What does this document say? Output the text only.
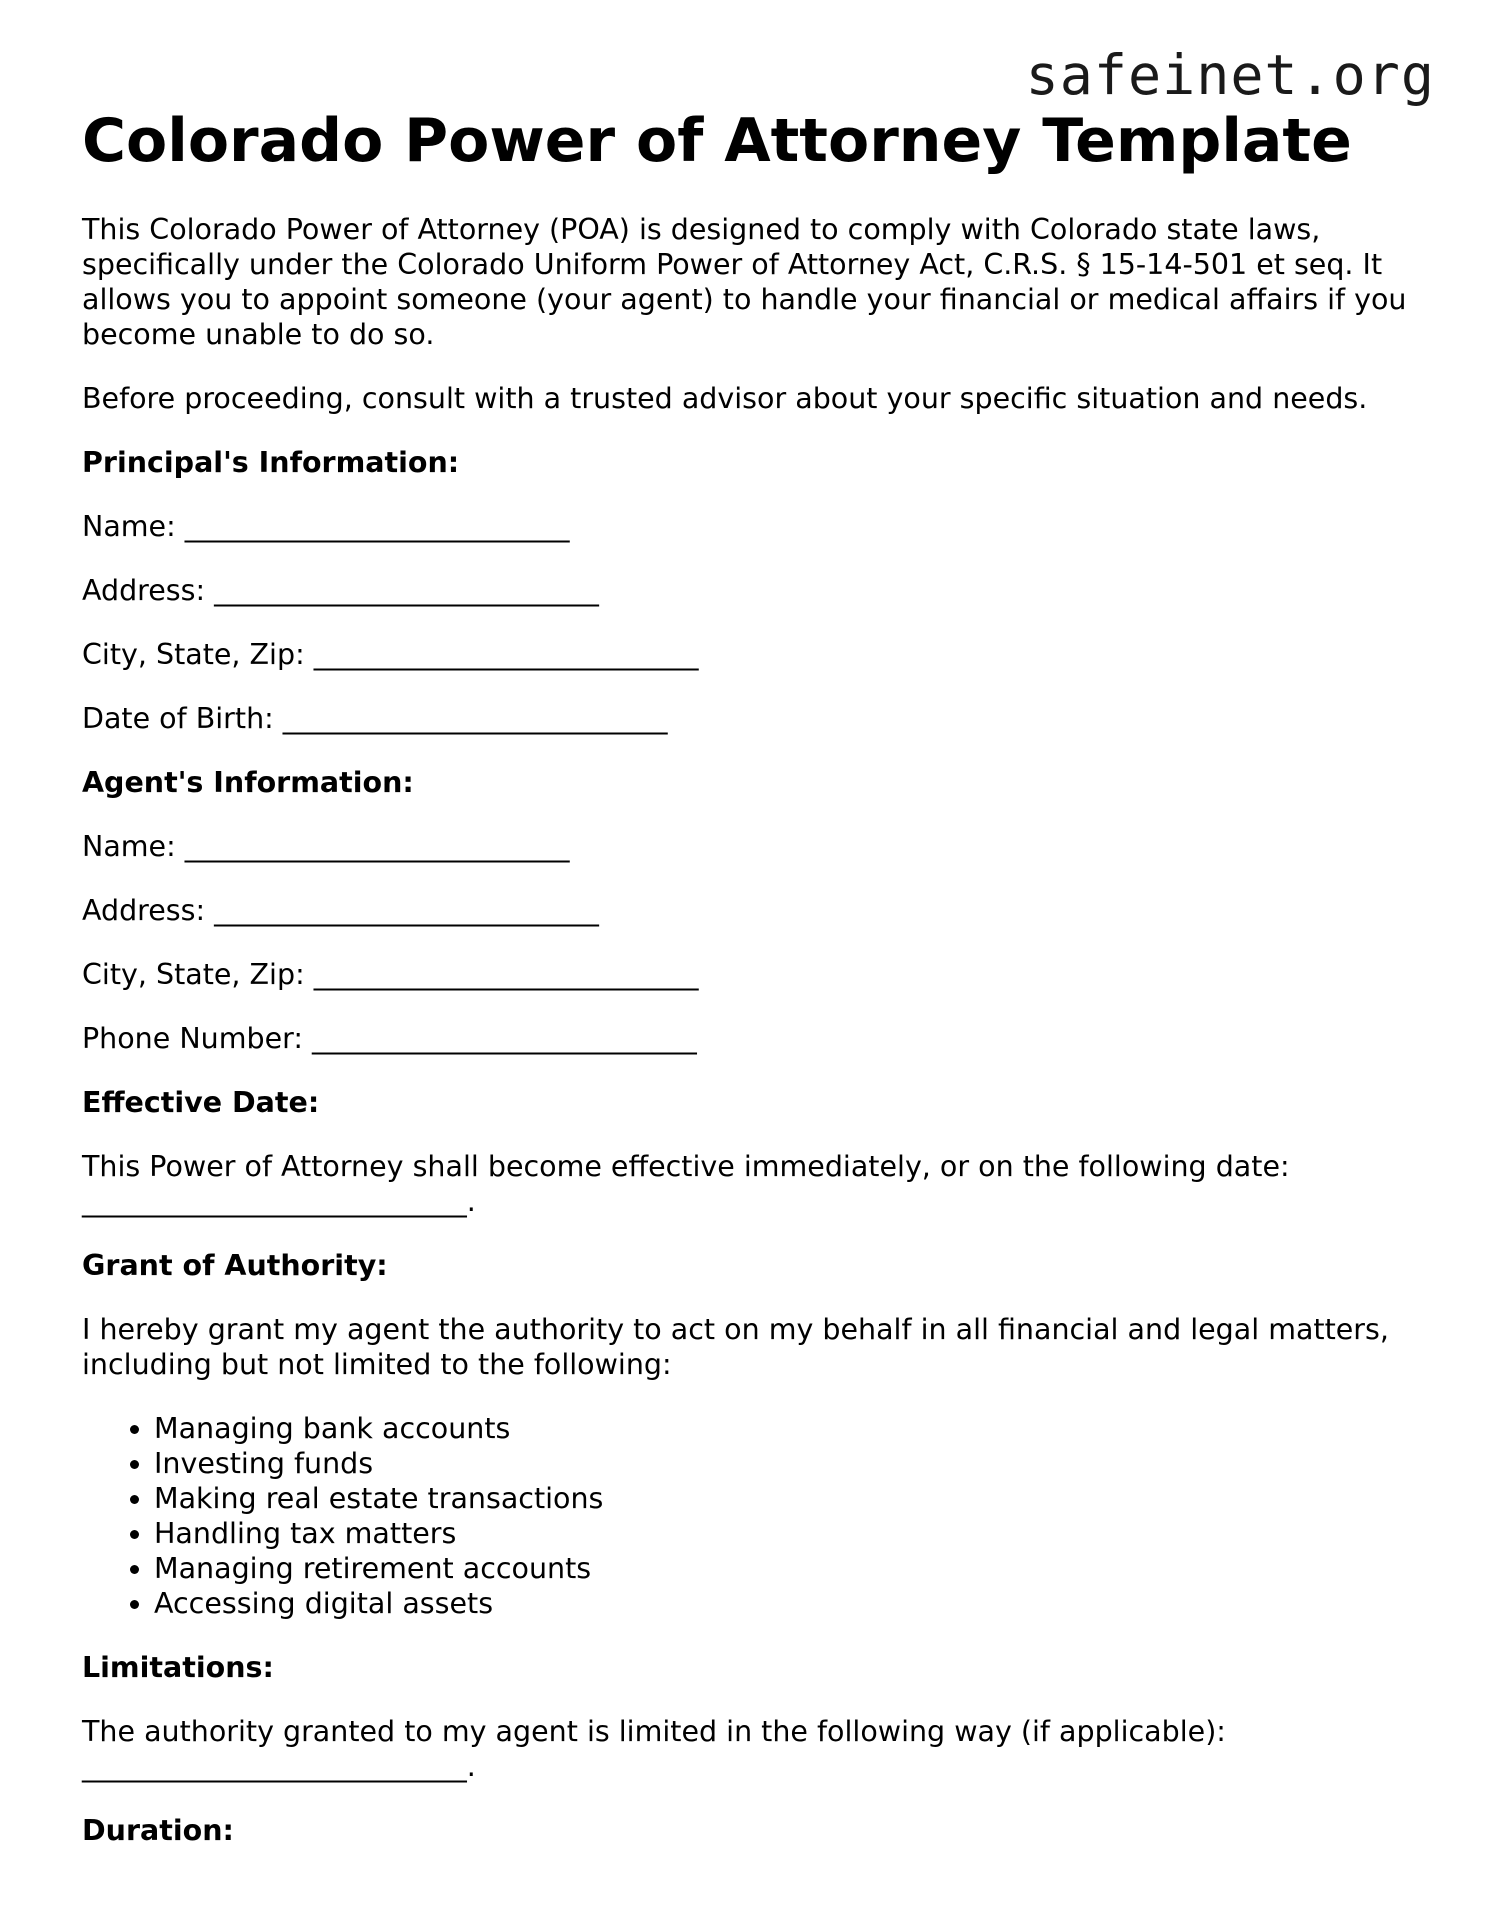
safeinet.org
Colorado Power of Attorney Template

This Colorado Power of Attorney (POA) is designed to comply with Colorado state laws, specifically under the Colorado Uniform Power of Attorney Act, C.R.S. § 15-14-501 et seq. It allows you to appoint someone (your agent) to handle your financial or medical affairs if you become unable to do so.

Before proceeding, consult with a trusted advisor about your specific situation and needs.

Principal's Information:
Name: ___________________________
Address: ___________________________
City, State, Zip: ___________________________
Date of Birth: ___________________________
Agent's Information:
Name: ___________________________
Address: ___________________________
City, State, Zip: ___________________________
Phone Number: ___________________________
Effective Date:

This Power of Attorney shall become effective immediately, or on the following date: ___________________________.

Grant of Authority:

I hereby grant my agent the authority to act on my behalf in all financial and legal matters, including but not limited to the following:

• Managing bank accounts
• Investing funds
• Making real estate transactions
• Handling tax matters
• Managing retirement accounts
• Accessing digital assets
Limitations:

The authority granted to my agent is limited in the following way (if applicable): ___________________________.

Duration:
